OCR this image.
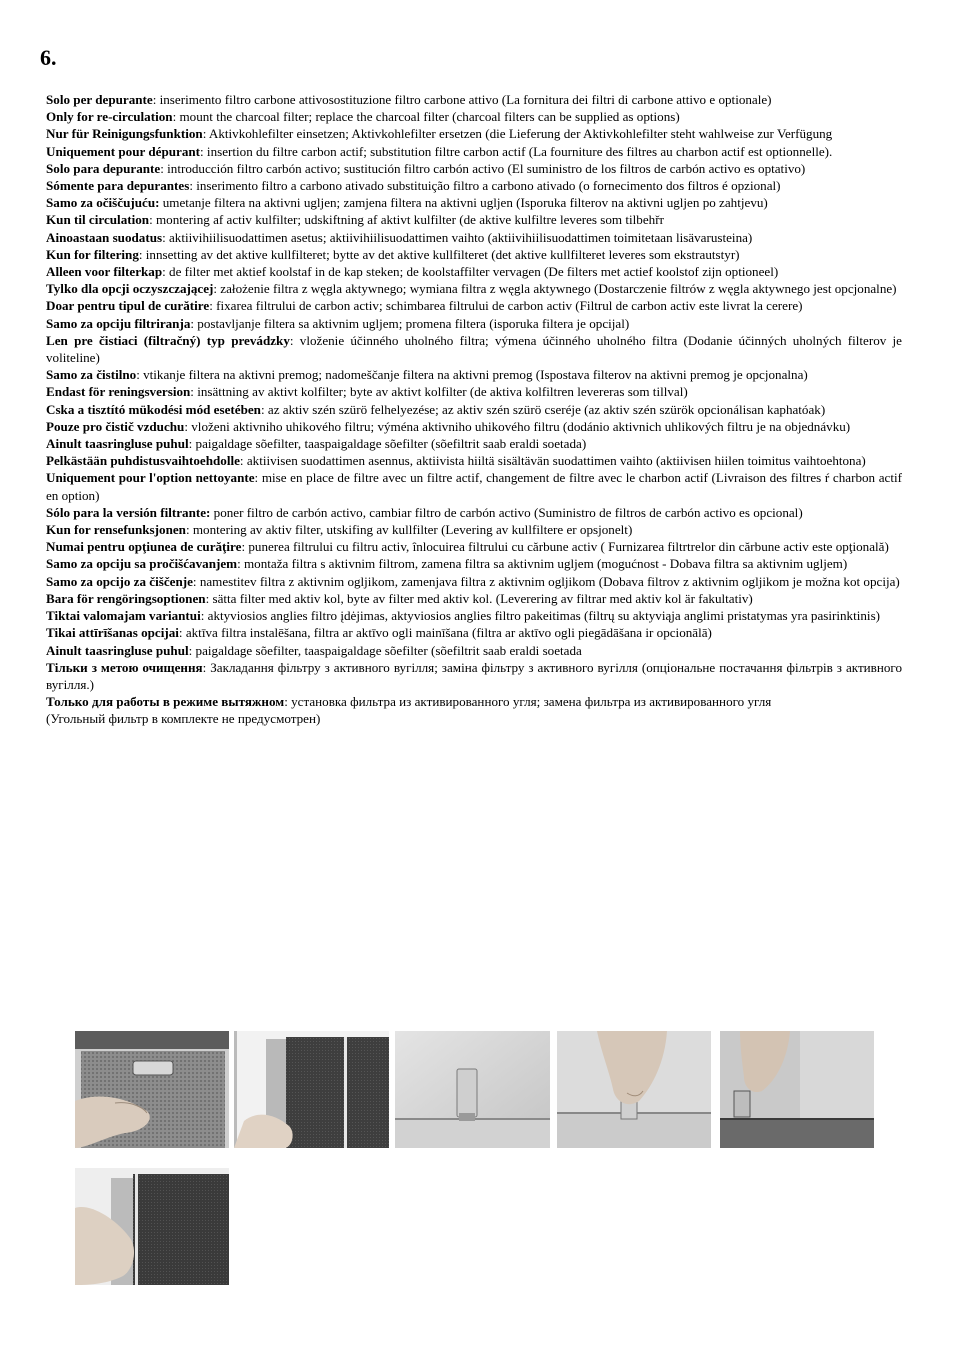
6.

Solo per depurante: inserimento filtro carbone attivosostituzione filtro carbone attivo (La fornitura dei filtri di carbone attivo e optionale)

Only for re-circulation: mount the charcoal filter; replace the charcoal filter (charcoal filters can be supplied as options)

Nur für Reinigungsfunktion: Aktivkohlefilter einsetzen; Aktivkohlefilter ersetzen (die Lieferung der Aktivkohlefilter steht wahlweise zur Verfügung

Uniquement pour dépurant: insertion du filtre carbon actif; substitution filtre carbon actif (La fourniture des filtres au charbon actif est optionnelle).

Solo para depurante: introducción filtro carbón activo; sustitución filtro carbón activo (El suministro de los filtros de carbón activo es optativo)

Sómente para depurantes: inserimento filtro a carbono ativado substituição filtro a carbono ativado (o fornecimento dos filtros é opzional)

Samo za očiščujuću: umetanje filtera na aktivni ugljen; zamjena filtera na aktivni ugljen (Isporuka filterov na aktivni ugljen po zahtjevu)

Kun til circulation: montering af activ kulfilter; udskiftning af aktivt kulfilter (de aktive kulfiltre leveres som tilbehřr

Ainoastaan suodatus: aktiivihiilisuodattimen asetus; aktiivihiilisuodattimen vaihto (aktiivihiilisuodattimen toimitetaan lisävarusteina)

Kun for filtering: innsetting av det aktive kullfilteret; bytte av det aktive kullfilteret (det aktive kullfilteret leveres som ekstrautstyr)

Alleen voor filterkap: de filter met aktief koolstaf in de kap steken; de koolstaffilter vervagen (De filters met actief koolstof zijn optioneel)

Tylko dla opcji oczyszczającej: założenie filtra z węgla aktywnego; wymiana filtra z węgla aktywnego (Dostarczenie filtrów z węgla aktywnego jest opcjonalne)

Doar pentru tipul de curătire: fixarea filtrului de carbon activ; schimbarea filtrului de carbon activ (Filtrul de carbon activ este livrat la cerere)

Samo za opciju filtriranja: postavljanje filtera sa aktivnim ugljem; promena filtera (isporuka filtera je opcijal)

Len pre čistiaci (filtračný) typ prevádzky: vloženie účinného uholného filtra; výmena účinného uholného filtra (Dodanie účinných uholných filterov je voliteline)

Samo za čistilno: vtikanje filtera na aktivni premog; nadomeščanje filtera na aktivni premog (Ispostava filterov na aktivni premog je opcjonalna)

Endast för reningsversion: insättning av aktivt kolfilter; byte av aktivt kolfilter (de aktiva kolfiltren levereras som tillval)

Cska a tisztító mükodési mód esetében: az aktiv szén szürö felhelyezése; az aktiv szén szürö cseréje (az aktiv szén szürök opcionálisan kaphatóak)

Pouze pro čistič vzduchu: vloženi aktivniho uhikového filtru; výména aktivniho uhikového filtru (dodánio aktivnich uhlikových filtru je na objednávku)

Ainult taasringluse puhul: paigaldage sõefilter, taaspaigaldage sõefilter (sõefiltrit saab eraldi soetada)

Pelkästään puhdistusvaihtoehdolle: aktiivisen suodattimen asennus, aktiivista hiiltä sisältävän suodattimen vaihto (aktiivisen hiilen toimitus vaihtoehtona)

Uniquement pour l'option nettoyante: mise en place de filtre avec un filtre actif, changement de filtre avec le charbon actif (Livraison des filtres ŕ charbon actif en option)

Sólo para la versión filtrante: poner filtro de carbón activo, cambiar filtro de carbón activo (Suministro de filtros de carbón activo es opcional)

Kun for rensefunksjonen: montering av aktiv filter, utskifing av kullfilter (Levering av kullfiltere er opsjonelt)

Numai pentru opţiunea de curăţire: punerea filtrului cu filtru activ, înlocuirea filtrului cu cărbune activ ( Furnizarea filtrtrelor din cărbune activ este opţională)

Samo za opciju sa pročišćavanjem: montaža filtra s aktivnim filtrom, zamena filtra sa aktivnim ugljem (mogućnost - Dobava filtra sa aktivnim ugljem)

Samo za opcijo za čiščenje: namestitev filtra z aktivnim ogljikom, zamenjava filtra z aktivnim ogljikom (Dobava filtrov z aktivnim ogljikom je možna kot opcija)

Bara för rengöringsoptionen: sätta filter med aktiv kol, byte av filter med aktiv kol. (Leverering av filtrar med aktiv kol är fakultativ)

Tiktai valomajam variantui: aktyviosios anglies filtro įdėjimas, aktyviosios anglies filtro pakeitimas (filtrų su aktyviąja anglimi pristatymas yra pasirinktinis)

Tikai attīrīšanas opcijai: aktīva filtra instalēšana, filtra ar aktīvo ogli mainīšana (filtra ar aktīvo ogli piegādāšana ir opcionālā)

Ainult taasringluse puhul: paigaldage sõefilter, taaspaigaldage sõefilter (sõefiltrit saab eraldi soetada

Тільки з метою очищення: Закладання фільтру з активного вугілля; заміна фільтру з активного вугілля (опціональне постачання фільтрів з активного вугілля.)

Только для работы в режиме вытяжном: установка фильтра из активированного угля; замена фильтра из активированного угля

(Угольный фильтр в комплекте не предусмотрен)
